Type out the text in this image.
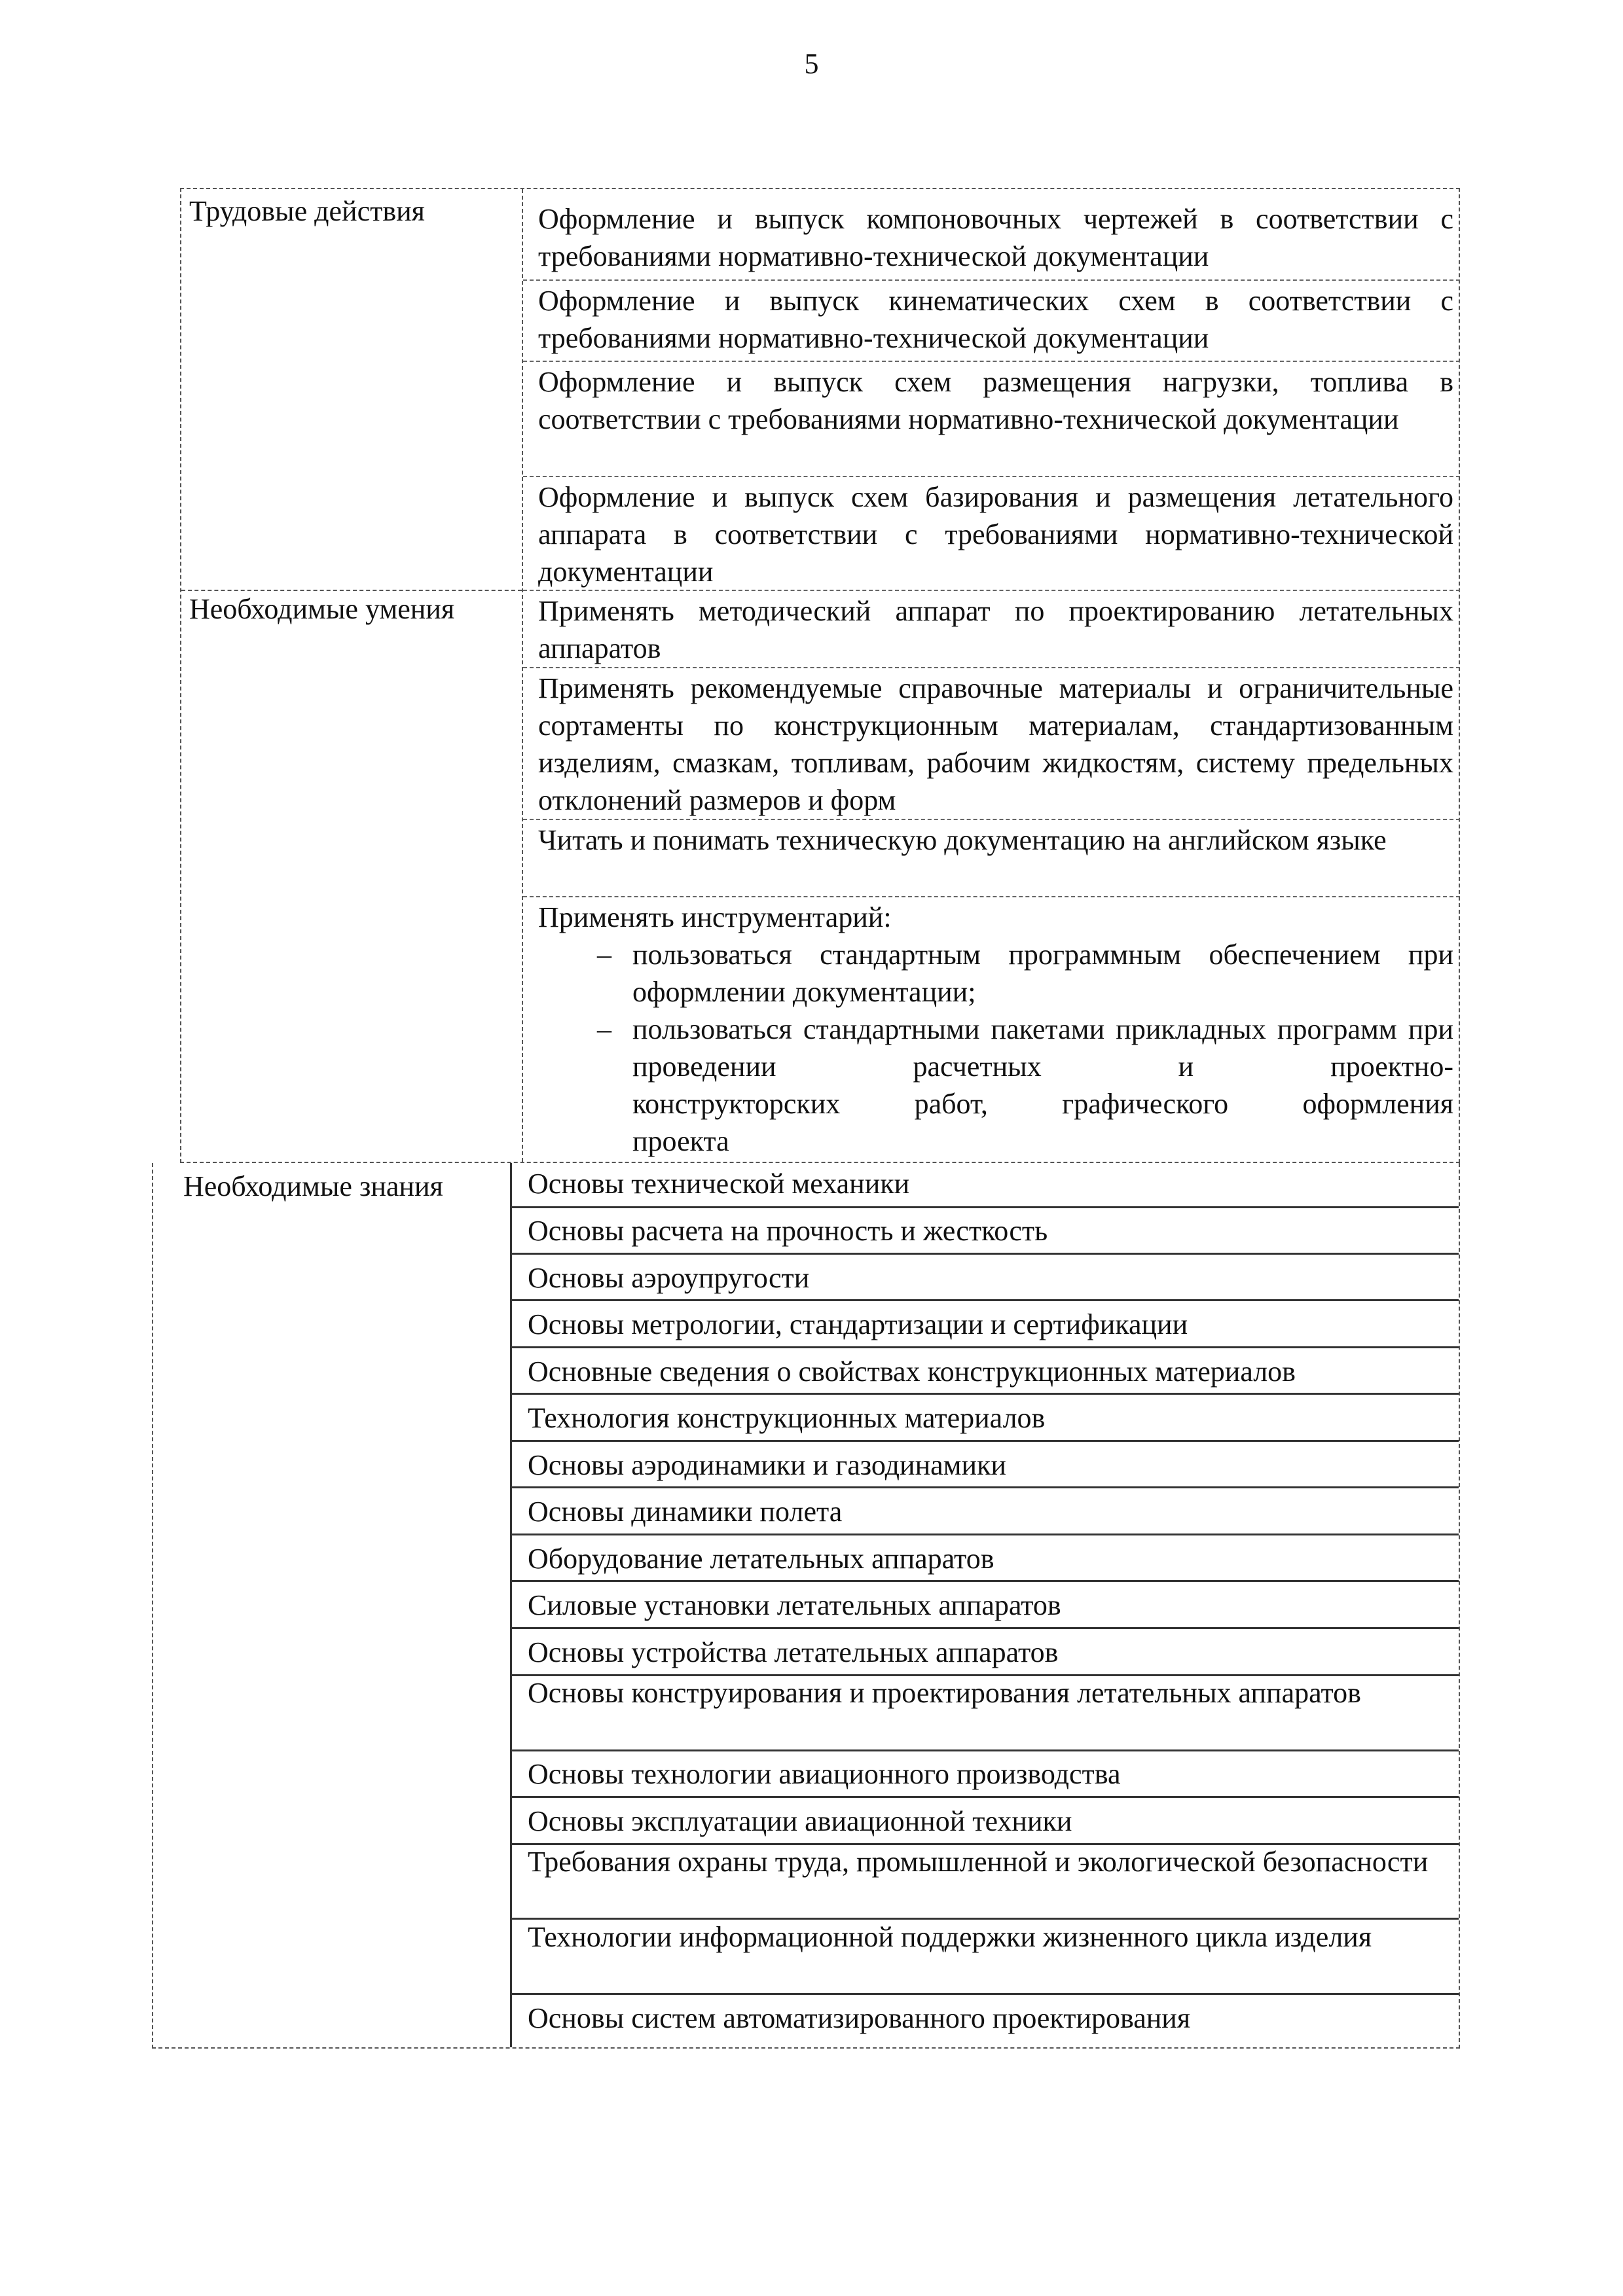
5
Трудовые действия
Необходимые умения
Оформление и выпуск компоновочных чертежей в соответствии с требованиями нормативно-технической документации
Оформление и выпуск кинематических схем в соответствии с требованиями нормативно-технической документации
Оформление и выпуск схем размещения нагрузки, топлива в соответствии с требованиями нормативно-технической документации
Оформление и выпуск схем базирования и размещения летательного аппарата в соответствии с требованиями нормативно-технической документации
Применять методический аппарат по проектированию летательных аппаратов
Применять рекомендуемые справочные материалы и ограничительные сортаменты по конструкционным материалам, стандартизованным изделиям, смазкам, топливам, рабочим жидкостям, систему предельных отклонений размеров и форм
Читать и понимать техническую документацию на английском языке
Применять инструментарий:
– пользоваться стандартным программным обеспечением при оформлении документации;
– пользоваться стандартными пакетами прикладных программ при проведении расчетных и проектно-
конструкторских работ, графического оформления
проекта
Необходимые знания	Основы технической механики
Основы расчета на прочность и жесткость
Основы аэроупругости
Основы метрологии, стандартизации и сертификации
Основные сведения о свойствах конструкционных материалов
Технология конструкционных материалов
Основы аэродинамики и газодинамики
Основы динамики полета
Оборудование летательных аппаратов
Силовые установки летательных аппаратов
Основы устройства летательных аппаратов
Основы конструирования и проектирования летательных аппаратов
Основы технологии авиационного производства
Основы эксплуатации авиационной техники
Требования охраны труда, промышленной и экологической безопасности
Технологии информационной поддержки жизненного цикла изделия
Основы систем автоматизированного проектирования
